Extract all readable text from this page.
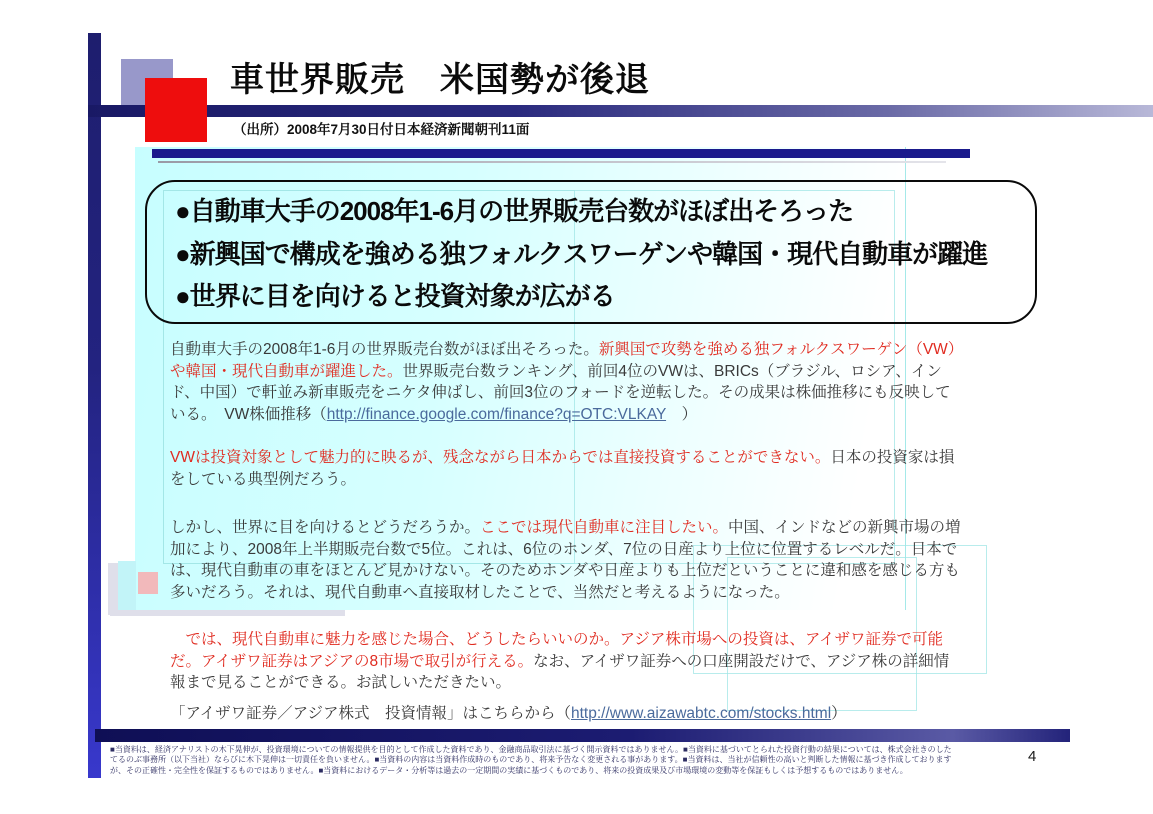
車世界販売　米国勢が後退
（出所）2008年7月30日付日本経済新聞朝刊11面
●自動車大手の2008年1-6月の世界販売台数がほぼ出そろった
●新興国で構成を強める独フォルクスワーゲンや韓国・現代自動車が躍進
●世界に目を向けると投資対象が広がる
自動車大手の2008年1-6月の世界販売台数がほぼ出そろった。新興国で攻勢を強める独フォルクスワーゲン（VW）や韓国・現代自動車が躍進した。世界販売台数ランキング、前回4位のVWは、BRICs（ブラジル、ロシア、インド、中国）で軒並み新車販売をニケタ伸ばし、前回3位のフォードを逆転した。その成果は株価推移にも反映している。　VW株価推移（http://finance.google.com/finance?q=OTC:VLKAY　）
VWは投資対象として魅力的に映るが、残念ながら日本からでは直接投資することができない。日本の投資家は損をしている典型例だろう。
しかし、世界に目を向けるとどうだろうか。ここでは現代自動車に注目したい。中国、インドなどの新興市場の増加により、2008年上半期販売台数で5位。これは、6位のホンダ、7位の日産より上位に位置するレベルだ。日本では、現代自動車の車をほとんど見かけない。そのためホンダや日産よりも上位だということに違和感を感じる方も多いだろう。それは、現代自動車へ直接取材したことで、当然だと考えるようになった。
　では、現代自動車に魅力を感じた場合、どうしたらいいのか。アジア株市場への投資は、アイザワ証券で可能だ。アイザワ証券はアジアの8市場で取引が行える。なお、アイザワ証券への口座開設だけで、アジア株の詳細情報まで見ることができる。お試しいただきたい。
「アイザワ証券／アジア株式　投資情報」はこちらから（http://www.aizawabtc.com/stocks.html）
■当資料は、経済アナリストの木下晃伸が、投資環境についての情報提供を目的として作成した資料であり、金融商品取引法に基づく開示資料ではありません。■当資料に基づいてとられた投資行動の結果については、株式会社きのした
てるのぶ事務所（以下当社）ならびに木下晃伸は一切責任を負いません。■当資料の内容は当資料作成時のものであり、将来予告なく変更される事があります。■当資料は、当社が信頼性の高いと判断した情報に基づき作成しております
が、その正確性・完全性を保証するものではありません。■当資料におけるデータ・分析等は過去の一定期間の実績に基づくものであり、将来の投資成果及び市場環境の変動等を保証もしくは予想するものではありません。
4
